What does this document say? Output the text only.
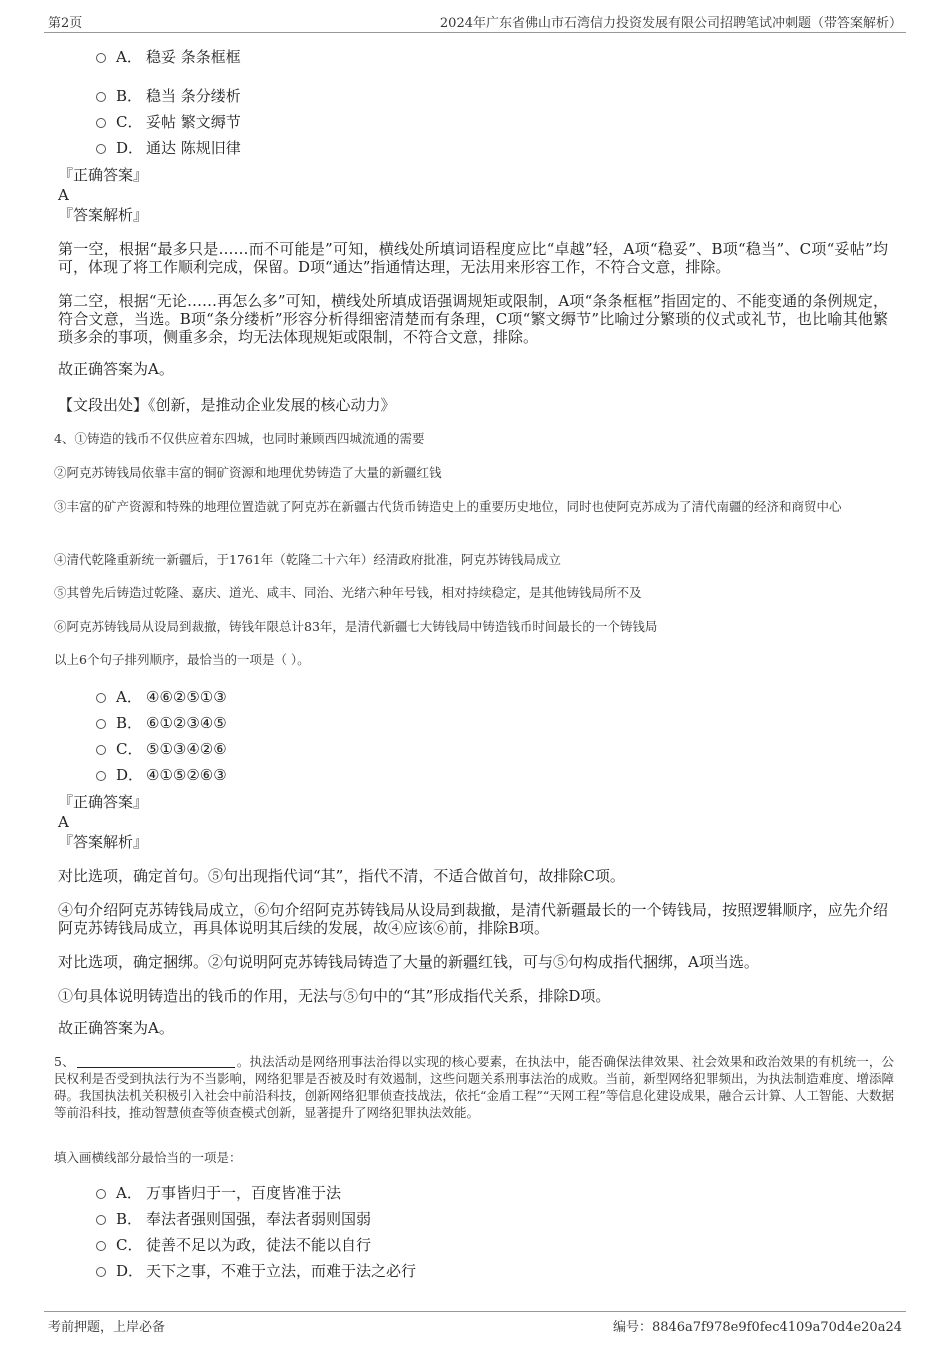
第2页	2024年广东省佛山市石湾信力投资发展有限公司招聘笔试冲刺题（带答案解析）
A． 稳妥 条条框框
B． 稳当 条分缕析
C． 妥帖 繁文缛节
D． 通达 陈规旧律
『正确答案』
A
『答案解析』
第一空，根据“最多只是……而不可能是”可知，横线处所填词语程度应比“卓越”轻，A项“稳妥”、B项“稳当”、C项“妥帖”均可，体现了将工作顺利完成，保留。D项“通达”指通情达理，无法用来形容工作，不符合文意，排除。
第二空，根据“无论……再怎么多”可知，横线处所填成语强调规矩或限制，A项“条条框框”指固定的、不能变通的条例规定，符合文意，当选。B项“条分缕析”形容分析得细密清楚而有条理，C项“繁文缛节”比喻过分繁琐的仪式或礼节，也比喻其他繁琐多余的事项，侧重多余，均无法体现规矩或限制，不符合文意，排除。
故正确答案为A。
【文段出处】《创新，是推动企业发展的核心动力》
4、①铸造的钱币不仅供应着东四城，也同时兼顾西四城流通的需要
②阿克苏铸钱局依靠丰富的铜矿资源和地理优势铸造了大量的新疆红钱
③丰富的矿产资源和特殊的地理位置造就了阿克苏在新疆古代货币铸造史上的重要历史地位，同时也使阿克苏成为了清代南疆的经济和商贸中心
④清代乾隆重新统一新疆后，于1761年（乾隆二十六年）经清政府批准，阿克苏铸钱局成立
⑤其曾先后铸造过乾隆、嘉庆、道光、咸丰、同治、光绪六种年号钱，相对持续稳定，是其他铸钱局所不及
⑥阿克苏铸钱局从设局到裁撤，铸钱年限总计83年，是清代新疆七大铸钱局中铸造钱币时间最长的一个铸钱局
以上6个句子排列顺序，最恰当的一项是（ ）。
A． ④⑥②⑤①③
B． ⑥①②③④⑤
C． ⑤①③④②⑥
D． ④①⑤②⑥③
『正确答案』
A
『答案解析』
对比选项，确定首句。⑤句出现指代词“其”，指代不清，不适合做首句，故排除C项。
④句介绍阿克苏铸钱局成立，⑥句介绍阿克苏铸钱局从设局到裁撤，是清代新疆最长的一个铸钱局，按照逻辑顺序，应先介绍阿克苏铸钱局成立，再具体说明其后续的发展，故④应该⑥前，排除B项。
对比选项，确定捆绑。②句说明阿克苏铸钱局铸造了大量的新疆红钱，可与⑤句构成指代捆绑，A项当选。
①句具体说明铸造出的钱币的作用，无法与⑤句中的“其”形成指代关系，排除D项。
故正确答案为A。
5、	。执法活动是网络刑事法治得以实现的核心要素，在执法中，能否确保法律效果、社会效果和政治效果的有机统一，公民权利是否受到执法行为不当影响，网络犯罪是否被及时有效遏制，这些问题关系刑事法治的成败。当前，新型网络犯罪频出，为执法制造难度、增添障碍。我国执法机关积极引入社会中前沿科技，创新网络犯罪侦查技战法，依托“金盾工程”“天网工程”等信息化建设成果，融合云计算、人工智能、大数据等前沿科技，推动智慧侦查等侦查模式创新，显著提升了网络犯罪执法效能。
填入画横线部分最恰当的一项是：
A． 万事皆归于一，百度皆准于法
B． 奉法者强则国强，奉法者弱则国弱
C． 徒善不足以为政，徒法不能以自行
D． 天下之事，不难于立法，而难于法之必行
考前押题，上岸必备	编号：8846a7f978e9f0fec4109a70d4e20a24
